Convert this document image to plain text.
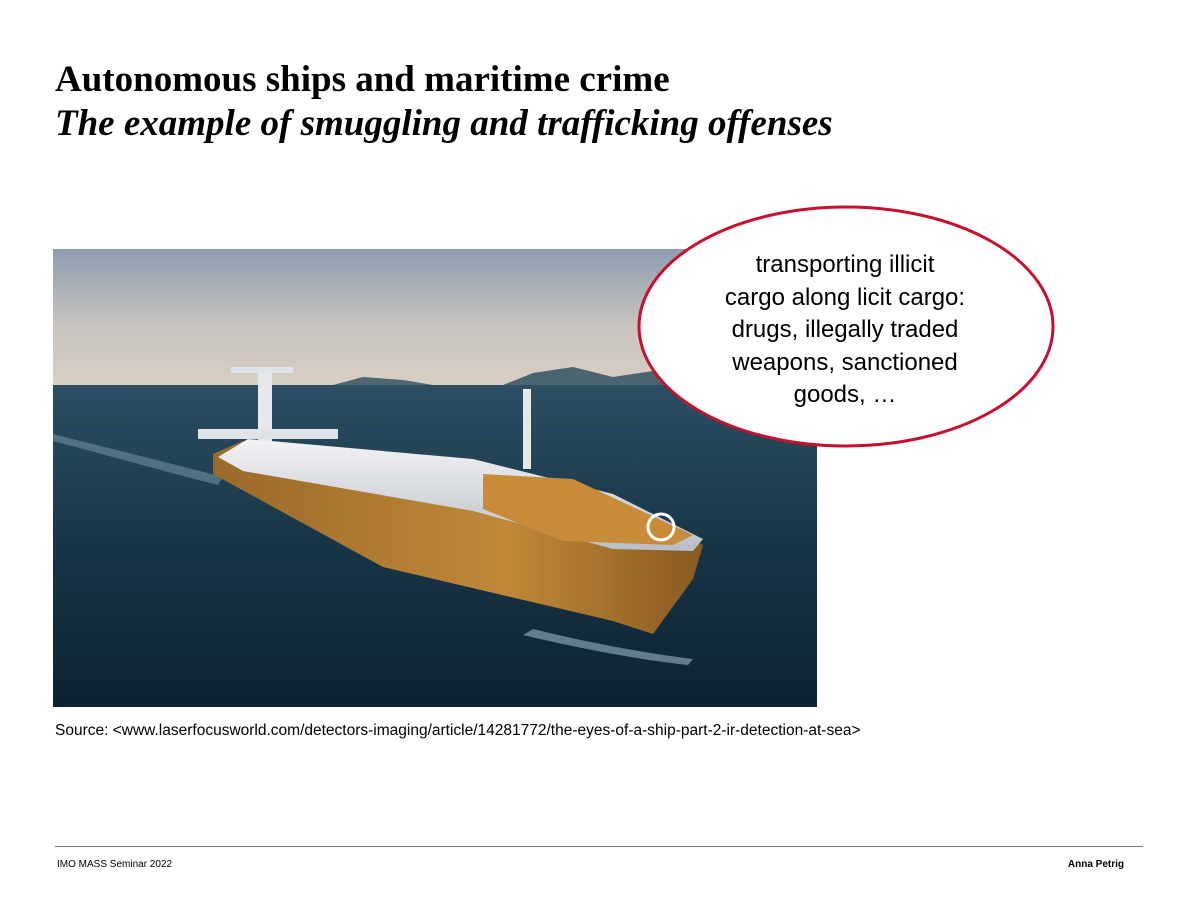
Autonomous ships and maritime crime
The example of smuggling and trafficking offenses
transporting illicit
cargo along licit cargo:
drugs, illegally traded
weapons, sanctioned
goods, …
Source: <www.laserfocusworld.com/detectors-imaging/article/14281772/the-eyes-of-a-ship-part-2-ir-detection-at-sea>
IMO MASS Seminar 2022	Anna Petrig
